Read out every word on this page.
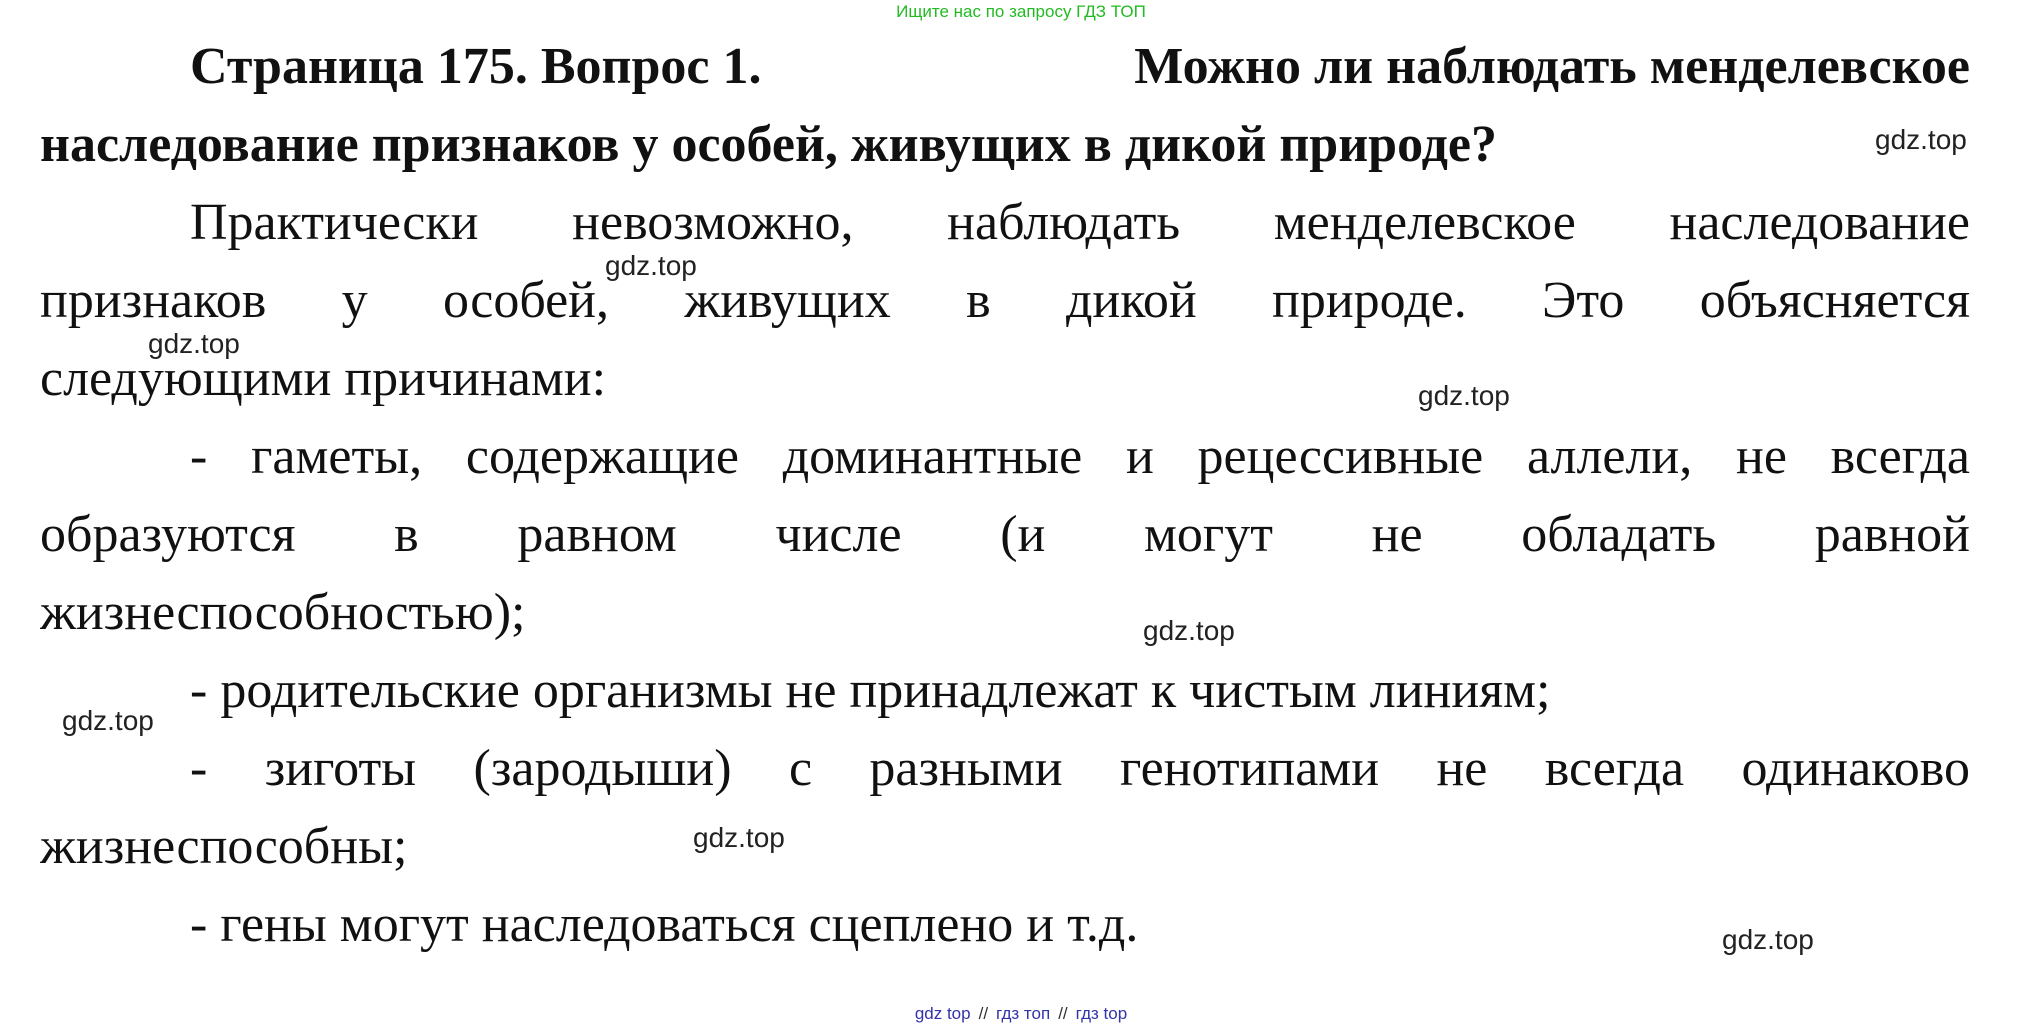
Ищите нас по запросу ГДЗ ТОП
Страница 175. Вопрос 1.	Можно ли наблюдать менделевское
наследование признаков у особей, живущих в дикой природе?
Практически невозможно, наблюдать менделевское наследование
признаков у особей, живущих в дикой природе. Это объясняется
следующими причинами:
- гаметы, содержащие доминантные и рецессивные аллели, не всегда
образуются в равном числе (и могут не обладать равной
жизнеспособностью);
- родительские организмы не принадлежат к чистым линиям;
- зиготы (зародыши) с разными генотипами не всегда одинаково
жизнеспособны;
- гены могут наследоваться сцеплено и т.д.
gdz.top
gdz.top
gdz.top
gdz.top
gdz.top
gdz.top
gdz.top
gdz.top
gdz top // гдз топ // гдз top
